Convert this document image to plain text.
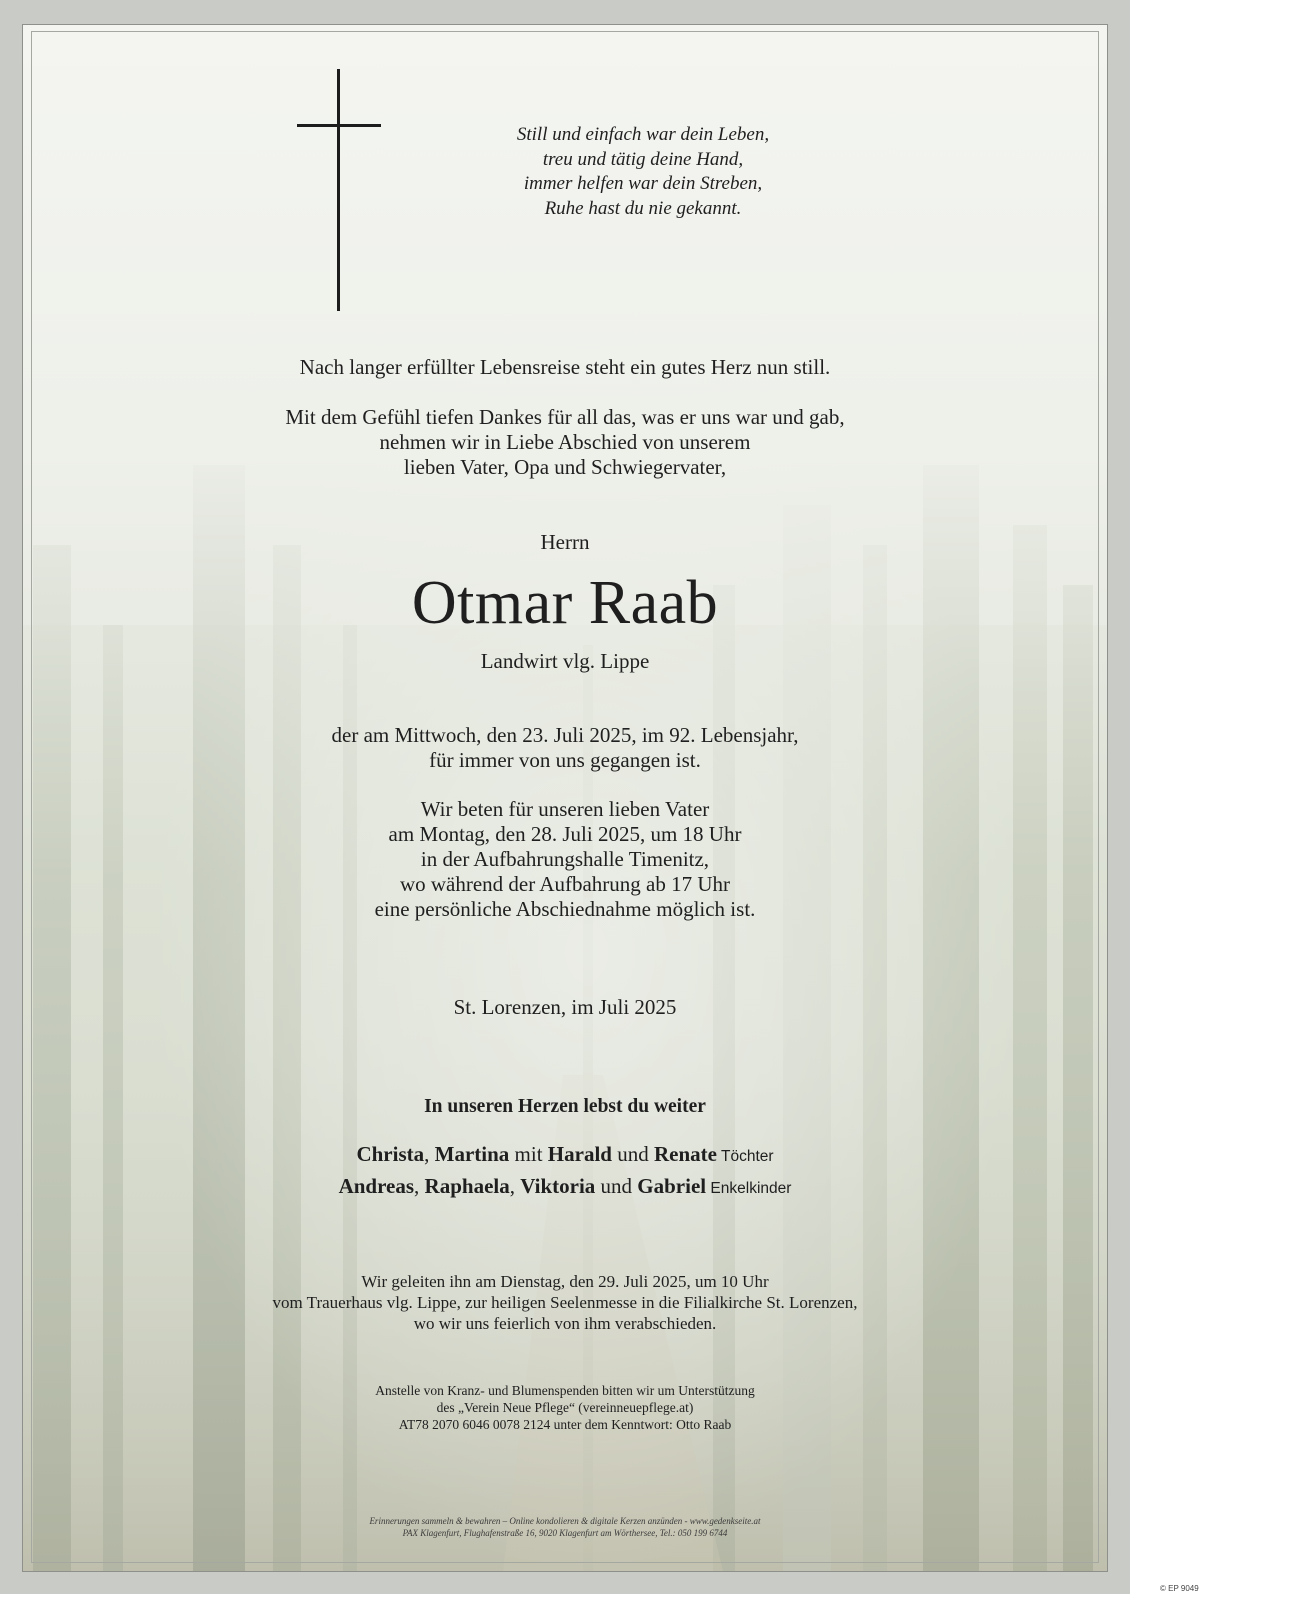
Still und einfach war dein Leben,
treu und tätig deine Hand,
immer helfen war dein Streben,
Ruhe hast du nie gekannt.
Nach langer erfüllter Lebensreise steht ein gutes Herz nun still.
Mit dem Gefühl tiefen Dankes für all das, was er uns war und gab,
nehmen wir in Liebe Abschied von unserem
lieben Vater, Opa und Schwiegervater,
Herrn
Otmar Raab
Landwirt vlg. Lippe
der am Mittwoch, den 23. Juli 2025, im 92. Lebensjahr,
für immer von uns gegangen ist.
Wir beten für unseren lieben Vater
am Montag, den 28. Juli 2025, um 18 Uhr
in der Aufbahrungshalle Timenitz,
wo während der Aufbahrung ab 17 Uhr
eine persönliche Abschiednahme möglich ist.
St. Lorenzen, im Juli 2025
In unseren Herzen lebst du weiter
Christa, Martina mit Harald und Renate Töchter
Andreas, Raphaela, Viktoria und Gabriel Enkelkinder
Wir geleiten ihn am Dienstag, den 29. Juli 2025, um 10 Uhr
vom Trauerhaus vlg. Lippe, zur heiligen Seelenmesse in die Filialkirche St. Lorenzen,
wo wir uns feierlich von ihm verabschieden.
Anstelle von Kranz- und Blumenspenden bitten wir um Unterstützung
des „Verein Neue Pflege“ (vereinneuepflege.at)
AT78 2070 6046 0078 2124 unter dem Kenntwort: Otto Raab
Erinnerungen sammeln & bewahren – Online kondolieren & digitale Kerzen anzünden - www.gedenkseite.at
PAX Klagenfurt, Flughafenstraße 16, 9020 Klagenfurt am Wörthersee, Tel.: 050 199 6744
© EP 9049
